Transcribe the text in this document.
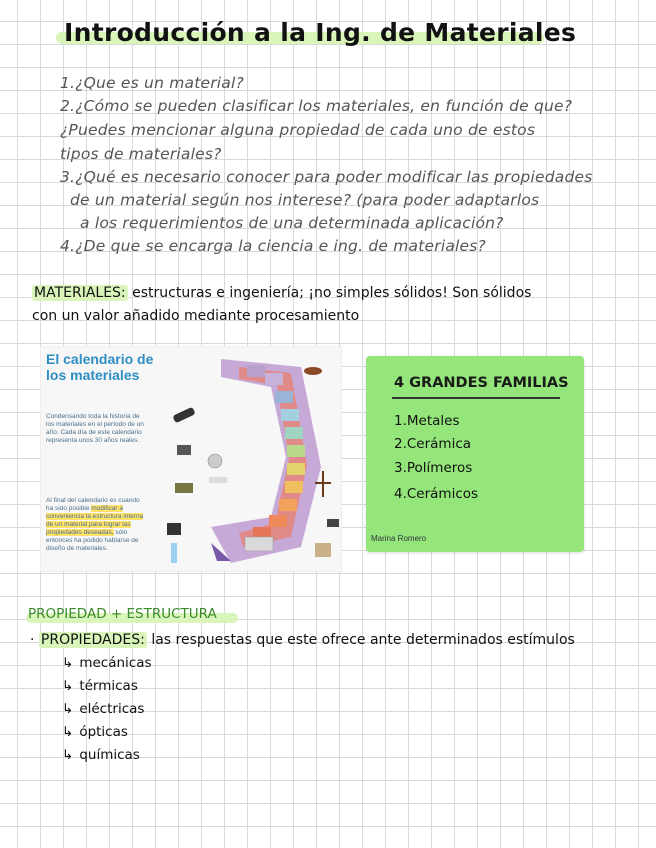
Introducción a la Ing. de Materiales
1.¿Que es un material?
2.¿Cómo se pueden clasificar los materiales, en función de que?
¿Puedes mencionar alguna propiedad de cada uno de estos
tipos de materiales?
3.¿Qué es necesario conocer para poder modificar las propiedades
de un material según nos interese? (para poder adaptarlos
a los requerimientos de una determinada aplicación?
4.¿De que se encarga la ciencia e ing. de materiales?
MATERIALES: estructuras e ingeniería; ¡no simples sólidos! Son sólidos
con un valor añadido mediante procesamiento
El calendario de los materiales
Condensando toda la historia de los materiales en el período de un año. Cada día de este calendario representa unos 30 años reales.
Al final del calendario es cuando ha sido posible modificar a conveniencia la estructura interna de un material para lograr las propiedades deseadas, sólo entonces ha podido hablarse de diseño de materiales.
4 GRANDES FAMILIAS
1.Metales
2.Cerámica
3.Polímeros
4.Cerámicos
Marina Romero
PROPIEDAD + ESTRUCTURA
· PROPIEDADES: las respuestas que este ofrece ante determinados estímulos
↳ mecánicas
↳ térmicas
↳ eléctricas
↳ ópticas
↳ químicas
